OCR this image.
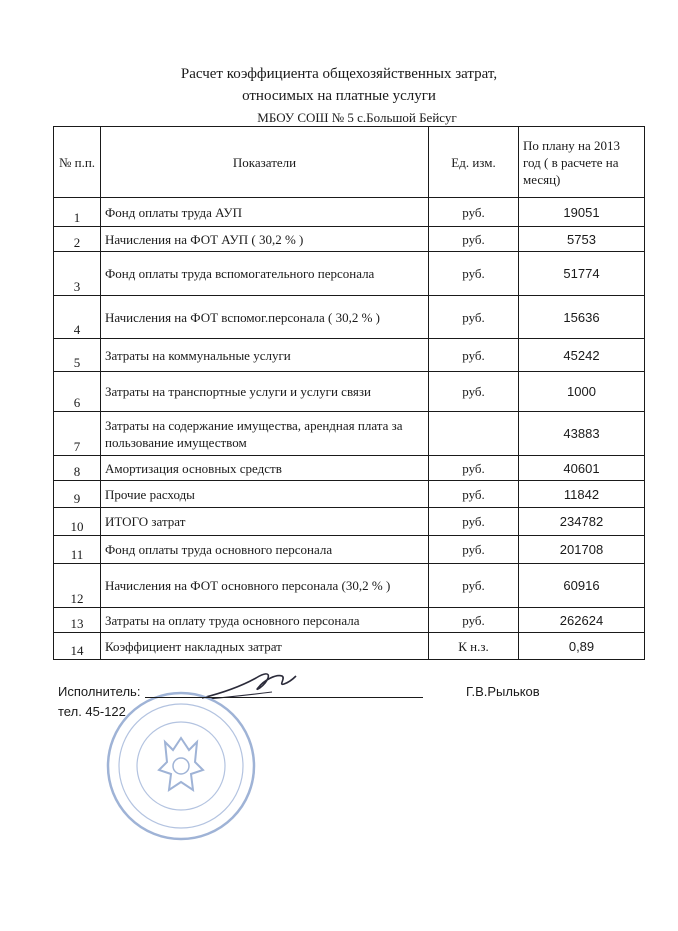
Расчет коэффициента общехозяйственных затрат,
относимых на платные услуги
МБОУ СОШ № 5 с.Большой Бейсуг
№ п.п.	Показатели	Ед. изм.	По плану на 2013 год ( в расчете на месяц)
1	Фонд оплаты труда АУП	руб.	19051
2	Начисления на ФОТ АУП ( 30,2 % )	руб.	5753
3	Фонд оплаты труда вспомогательного персонала	руб.	51774
4	Начисления на ФОТ вспомог.персонала ( 30,2 % )	руб.	15636
5	Затраты на коммунальные услуги	руб.	45242
6	Затраты на транспортные услуги и услуги связи	руб.	1000
7	Затраты на содержание имущества, арендная плата за пользование имуществом		43883
8	Амортизация основных средств	руб.	40601
9	Прочие расходы	руб.	11842
10	ИТОГО затрат	руб.	234782
11	Фонд оплаты труда основного персонала	руб.	201708
12	Начисления на ФОТ основного персонала (30,2 % )	руб.	60916
13	Затраты на оплату труда основного персонала	руб.	262624
14	Коэффициент накладных затрат	К н.з.	0,89
Исполнитель:	Г.В.Рыльков
тел. 45-122
